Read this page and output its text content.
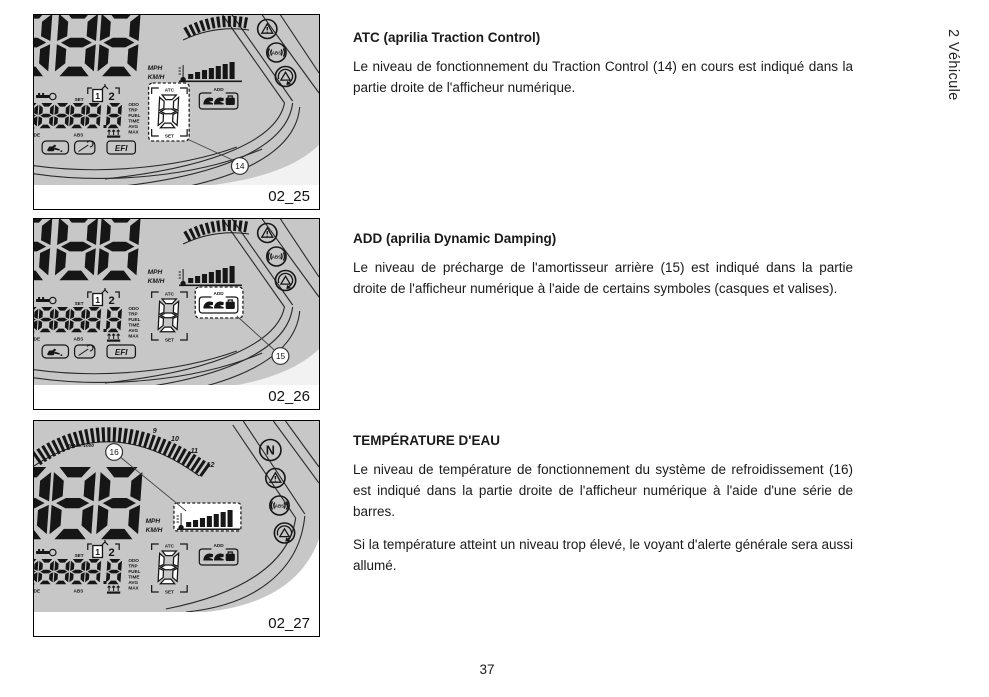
14
02_25
15
02_26
16
02_27
ATC (aprilia Traction Control)

Le niveau de fonctionnement du Traction Control (14) en cours est indiqué dans la partie droite de l'afficheur numérique.

ADD (aprilia Dynamic Damping)

Le niveau de précharge de l'amortisseur arrière (15) est indiqué dans la partie droite de l'afficheur numérique à l'aide de certains symboles (casques et valises).

TEMPÉRATURE D'EAU

Le niveau de température de fonctionnement du système de refroidissement (16) est indiqué dans la partie droite de l'afficheur numérique à l'aide d'une série de barres.

Si la température atteint un niveau trop élevé, le voyant d'alerte générale sera aussi allumé.

2 Véhicule
37
